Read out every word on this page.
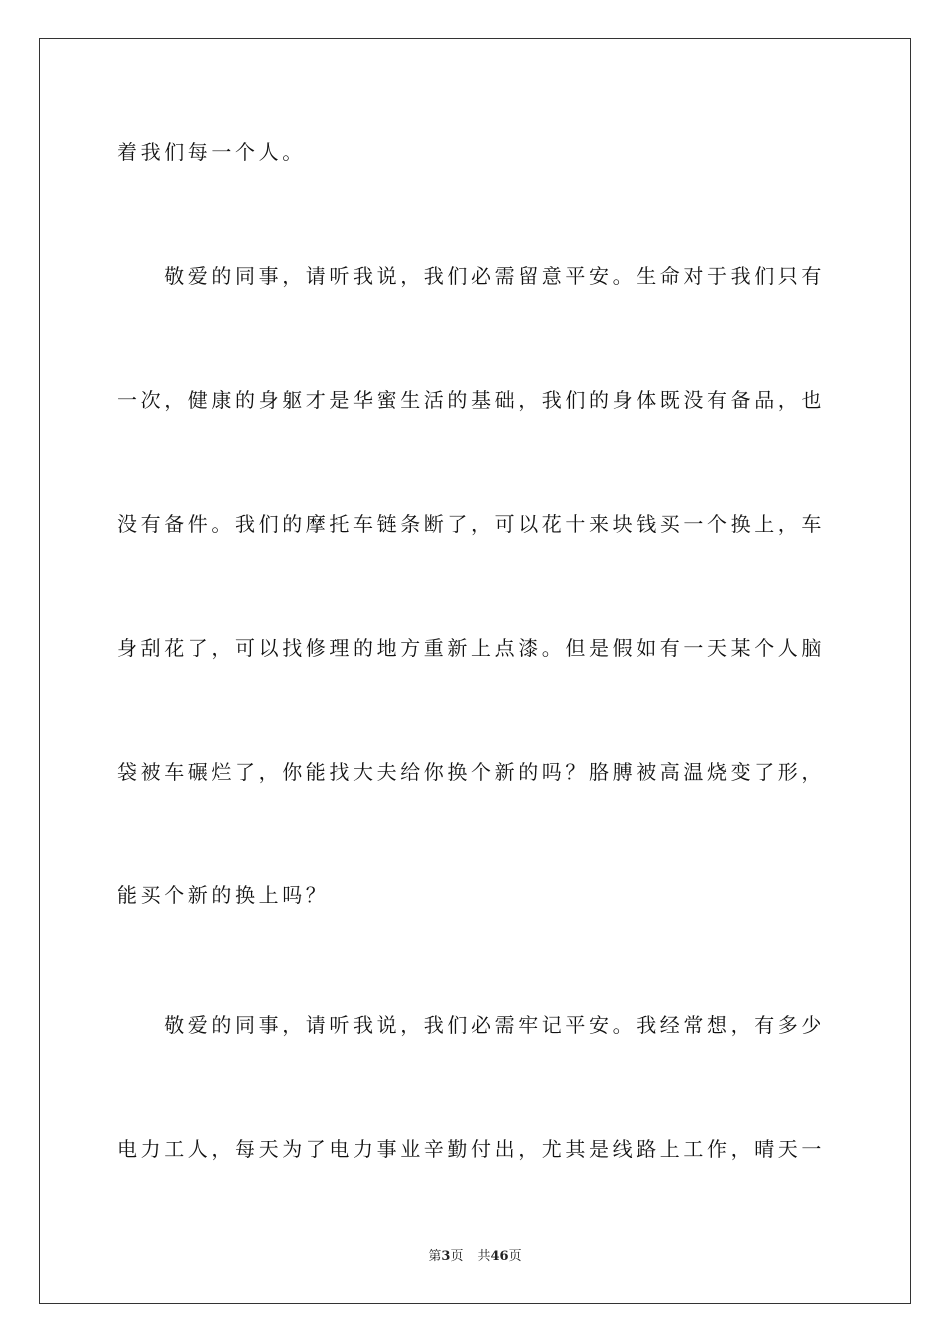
着我们每一个人。
　　敬爱的同事，请听我说，我们必需留意平安。生命对于我们只有
一次，健康的身躯才是华蜜生活的基础，我们的身体既没有备品，也
没有备件。我们的摩托车链条断了，可以花十来块钱买一个换上，车
身刮花了，可以找修理的地方重新上点漆。但是假如有一天某个人脑
袋被车碾烂了，你能找大夫给你换个新的吗？胳膊被高温烧变了形，
能买个新的换上吗？
　　敬爱的同事，请听我说，我们必需牢记平安。我经常想，有多少
电力工人，每天为了电力事业辛勤付出，尤其是线路上工作，晴天一
第3页 共46页
